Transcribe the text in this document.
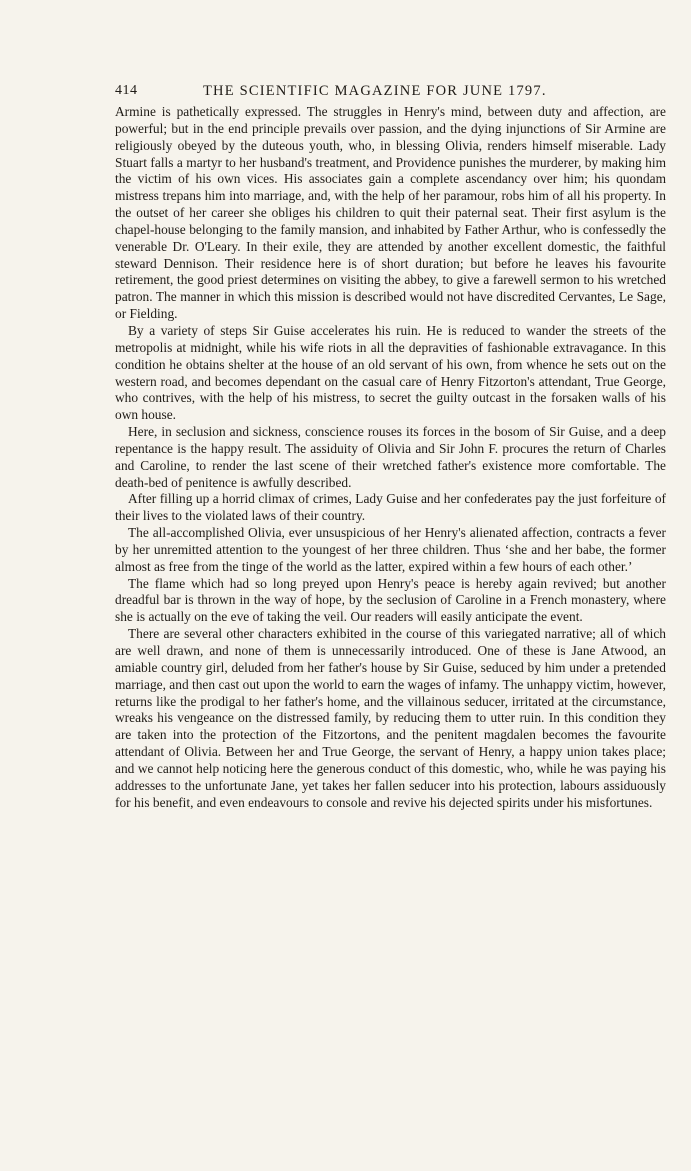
414	THE SCIENTIFIC MAGAZINE FOR JUNE 1797.

Armine is pathetically expressed. The struggles in Henry's mind, between duty and affection, are powerful; but in the end principle prevails over passion, and the dying injunctions of Sir Armine are religiously obeyed by the duteous youth, who, in blessing Olivia, renders himself miserable. Lady Stuart falls a martyr to her husband's treatment, and Providence punishes the murderer, by making him the victim of his own vices. His associates gain a complete ascendancy over him; his quondam mistress trepans him into marriage, and, with the help of her paramour, robs him of all his property. In the outset of her career she obliges his children to quit their paternal seat. Their first asylum is the chapel-house belonging to the family mansion, and inhabited by Father Arthur, who is confessedly the venerable Dr. O'Leary. In their exile, they are attended by another excellent domestic, the faithful steward Dennison. Their residence here is of short duration; but before he leaves his favourite retirement, the good priest determines on visiting the abbey, to give a farewell sermon to his wretched patron. The manner in which this mission is described would not have discredited Cervantes, Le Sage, or Fielding.

By a variety of steps Sir Guise accelerates his ruin. He is reduced to wander the streets of the metropolis at midnight, while his wife riots in all the depravities of fashionable extravagance. In this condition he obtains shelter at the house of an old servant of his own, from whence he sets out on the western road, and becomes dependant on the casual care of Henry Fitzorton's attendant, True George, who contrives, with the help of his mistress, to secret the guilty outcast in the forsaken walls of his own house.

Here, in seclusion and sickness, conscience rouses its forces in the bosom of Sir Guise, and a deep repentance is the happy result. The assiduity of Olivia and Sir John F. procures the return of Charles and Caroline, to render the last scene of their wretched father's existence more comfortable. The death-bed of penitence is awfully described.

After filling up a horrid climax of crimes, Lady Guise and her confederates pay the just forfeiture of their lives to the violated laws of their country.

The all-accomplished Olivia, ever unsuspicious of her Henry's alienated affection, contracts a fever by her unremitted attention to the youngest of her three children. Thus ‘she and her babe, the former almost as free from the tinge of the world as the latter, expired within a few hours of each other.’

The flame which had so long preyed upon Henry's peace is hereby again revived; but another dreadful bar is thrown in the way of hope, by the seclusion of Caroline in a French monastery, where she is actually on the eve of taking the veil. Our readers will easily anticipate the event.

There are several other characters exhibited in the course of this variegated narrative; all of which are well drawn, and none of them is unnecessarily introduced. One of these is Jane Atwood, an amiable country girl, deluded from her father's house by Sir Guise, seduced by him under a pretended marriage, and then cast out upon the world to earn the wages of infamy. The unhappy victim, however, returns like the prodigal to her father's home, and the villainous seducer, irritated at the circumstance, wreaks his vengeance on the distressed family, by reducing them to utter ruin. In this condition they are taken into the protection of the Fitzortons, and the penitent magdalen becomes the favourite attendant of Olivia. Between her and True George, the servant of Henry, a happy union takes place; and we cannot help noticing here the generous conduct of this domestic, who, while he was paying his addresses to the unfortunate Jane, yet takes her fallen seducer into his protection, labours assiduously for his benefit, and even endeavours to console and revive his dejected spirits under his misfortunes.
